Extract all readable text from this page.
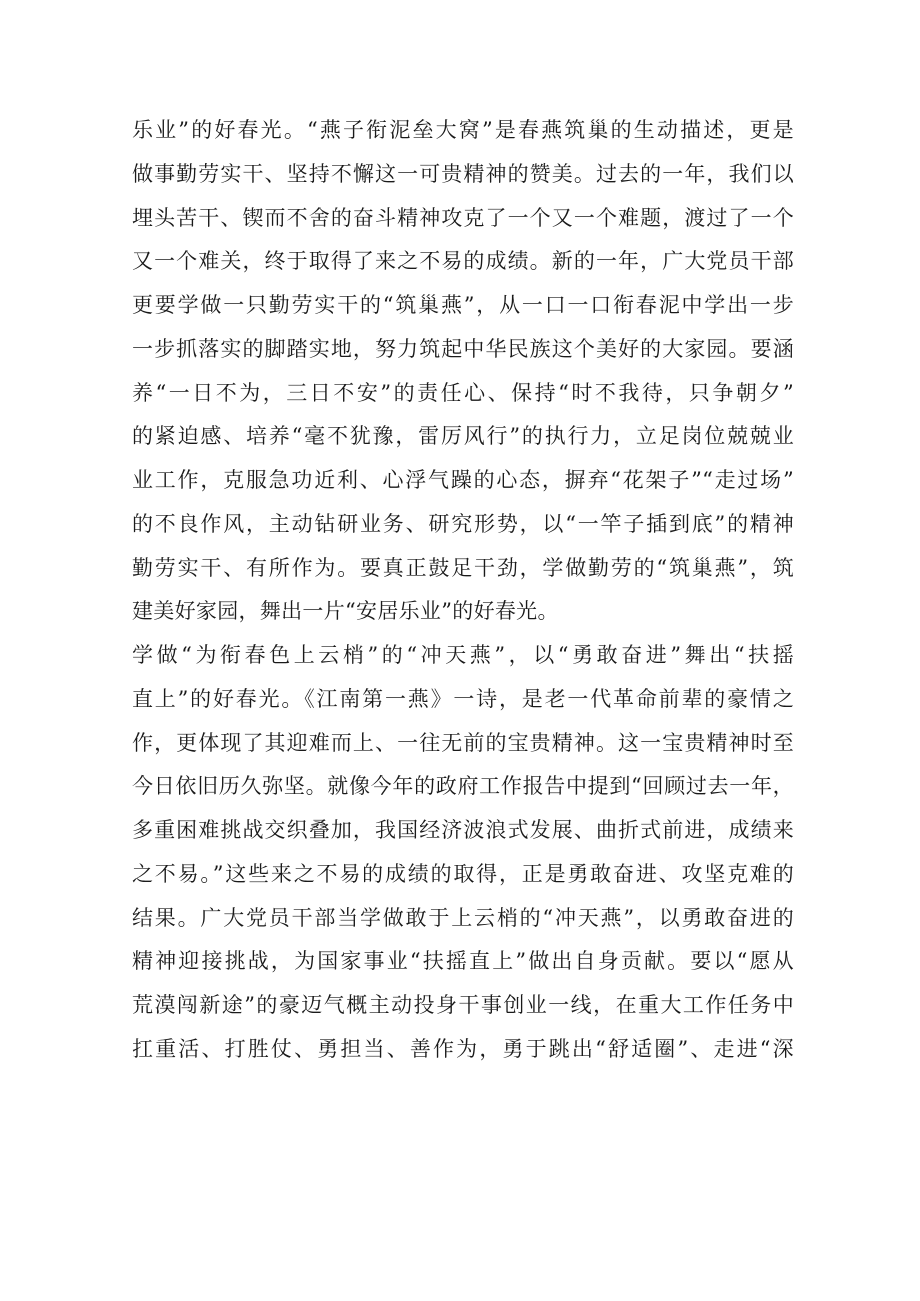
乐业”的好春光。“燕子衔泥垒大窝”是春燕筑巢的生动描述，更是
做事勤劳实干、坚持不懈这一可贵精神的赞美。过去的一年，我们以
埋头苦干、锲而不舍的奋斗精神攻克了一个又一个难题，渡过了一个
又一个难关，终于取得了来之不易的成绩。新的一年，广大党员干部
更要学做一只勤劳实干的“筑巢燕”，从一口一口衔春泥中学出一步
一步抓落实的脚踏实地，努力筑起中华民族这个美好的大家园。要涵
养“一日不为，三日不安”的责任心、保持“时不我待，只争朝夕”
的紧迫感、培养“毫不犹豫，雷厉风行”的执行力，立足岗位兢兢业
业工作，克服急功近利、心浮气躁的心态，摒弃“花架子”“走过场”
的不良作风，主动钻研业务、研究形势，以“一竿子插到底”的精神
勤劳实干、有所作为。要真正鼓足干劲，学做勤劳的“筑巢燕”，筑
建美好家园，舞出一片“安居乐业”的好春光。
学做“为衔春色上云梢”的“冲天燕”，以“勇敢奋进”舞出“扶摇
直上”的好春光。《江南第一燕》一诗，是老一代革命前辈的豪情之
作，更体现了其迎难而上、一往无前的宝贵精神。这一宝贵精神时至
今日依旧历久弥坚。就像今年的政府工作报告中提到“回顾过去一年，
多重困难挑战交织叠加，我国经济波浪式发展、曲折式前进，成绩来
之不易。”这些来之不易的成绩的取得，正是勇敢奋进、攻坚克难的
结果。广大党员干部当学做敢于上云梢的“冲天燕”，以勇敢奋进的
精神迎接挑战，为国家事业“扶摇直上”做出自身贡献。要以“愿从
荒漠闯新途”的豪迈气概主动投身干事创业一线，在重大工作任务中
扛重活、打胜仗、勇担当、善作为，勇于跳出“舒适圈”、走进“深
